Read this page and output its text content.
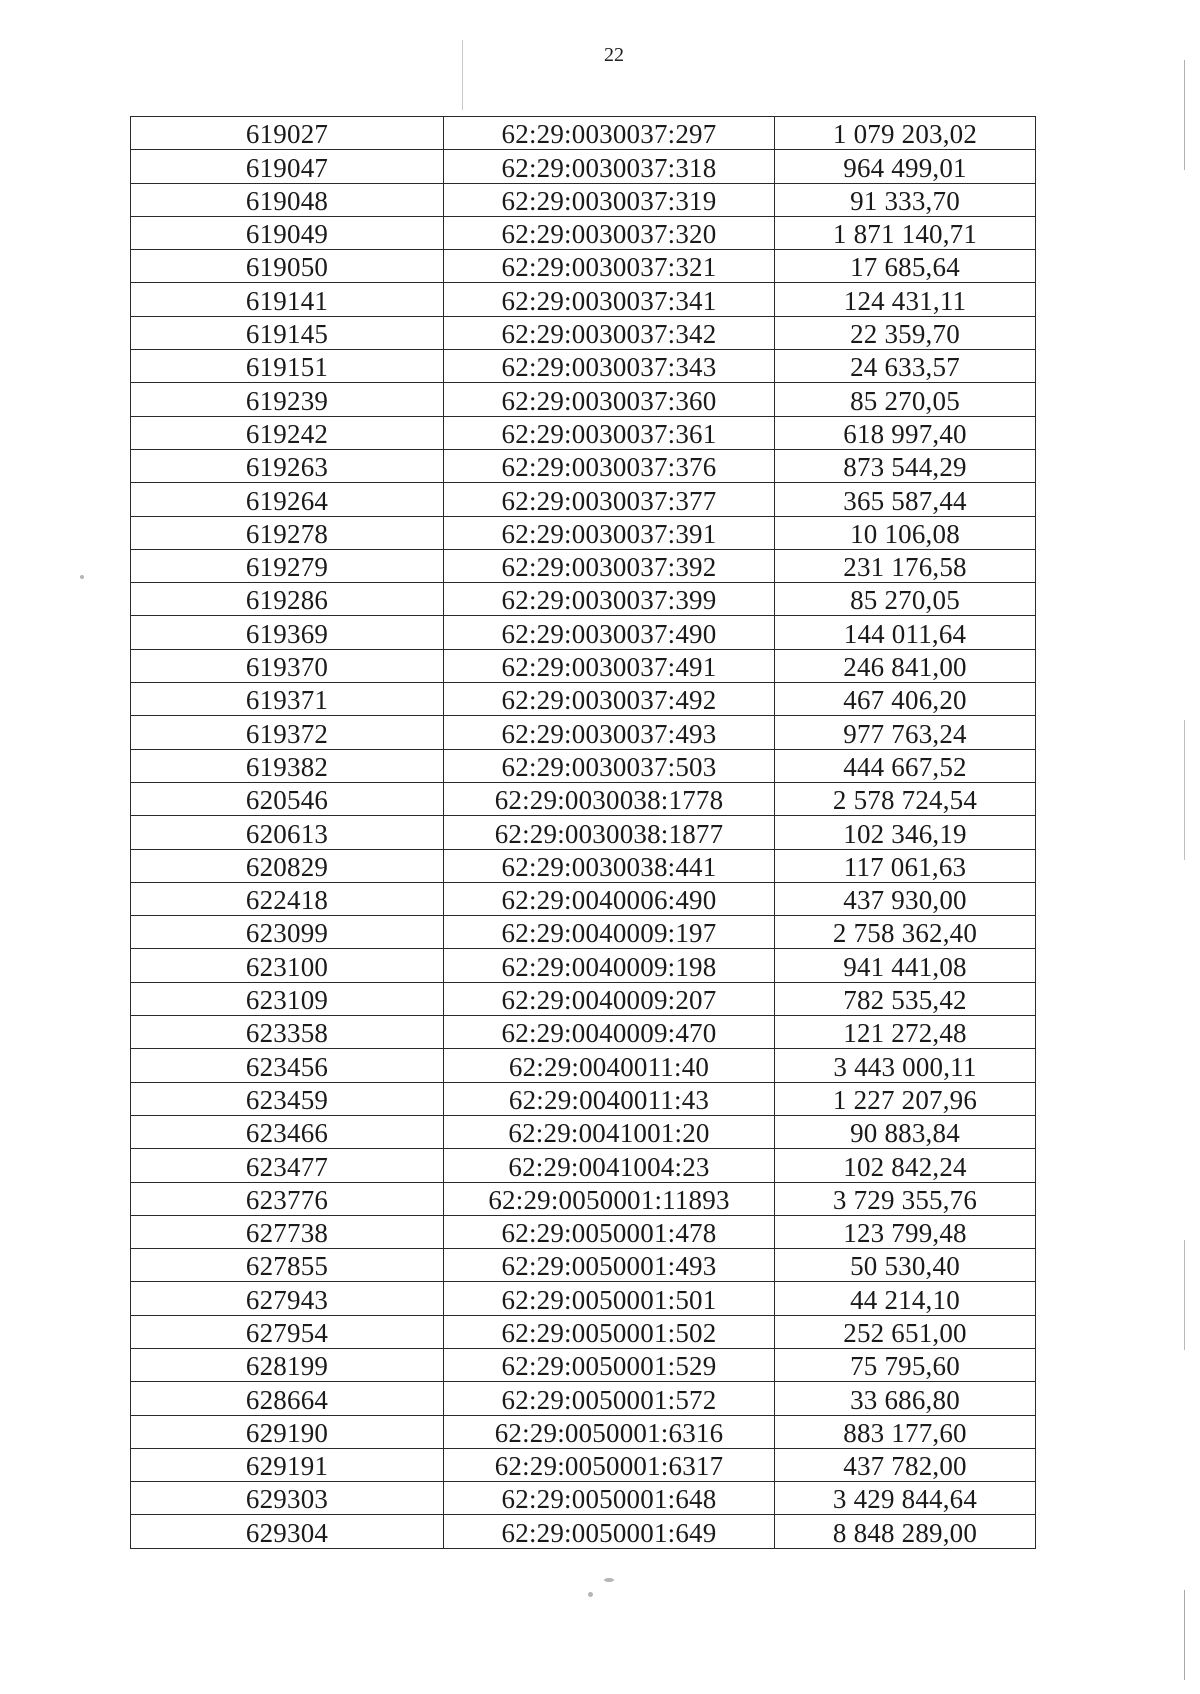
22
619027	62:29:0030037:297	1 079 203,02
619047	62:29:0030037:318	964 499,01
619048	62:29:0030037:319	91 333,70
619049	62:29:0030037:320	1 871 140,71
619050	62:29:0030037:321	17 685,64
619141	62:29:0030037:341	124 431,11
619145	62:29:0030037:342	22 359,70
619151	62:29:0030037:343	24 633,57
619239	62:29:0030037:360	85 270,05
619242	62:29:0030037:361	618 997,40
619263	62:29:0030037:376	873 544,29
619264	62:29:0030037:377	365 587,44
619278	62:29:0030037:391	10 106,08
619279	62:29:0030037:392	231 176,58
619286	62:29:0030037:399	85 270,05
619369	62:29:0030037:490	144 011,64
619370	62:29:0030037:491	246 841,00
619371	62:29:0030037:492	467 406,20
619372	62:29:0030037:493	977 763,24
619382	62:29:0030037:503	444 667,52
620546	62:29:0030038:1778	2 578 724,54
620613	62:29:0030038:1877	102 346,19
620829	62:29:0030038:441	117 061,63
622418	62:29:0040006:490	437 930,00
623099	62:29:0040009:197	2 758 362,40
623100	62:29:0040009:198	941 441,08
623109	62:29:0040009:207	782 535,42
623358	62:29:0040009:470	121 272,48
623456	62:29:0040011:40	3 443 000,11
623459	62:29:0040011:43	1 227 207,96
623466	62:29:0041001:20	90 883,84
623477	62:29:0041004:23	102 842,24
623776	62:29:0050001:11893	3 729 355,76
627738	62:29:0050001:478	123 799,48
627855	62:29:0050001:493	50 530,40
627943	62:29:0050001:501	44 214,10
627954	62:29:0050001:502	252 651,00
628199	62:29:0050001:529	75 795,60
628664	62:29:0050001:572	33 686,80
629190	62:29:0050001:6316	883 177,60
629191	62:29:0050001:6317	437 782,00
629303	62:29:0050001:648	3 429 844,64
629304	62:29:0050001:649	8 848 289,00
